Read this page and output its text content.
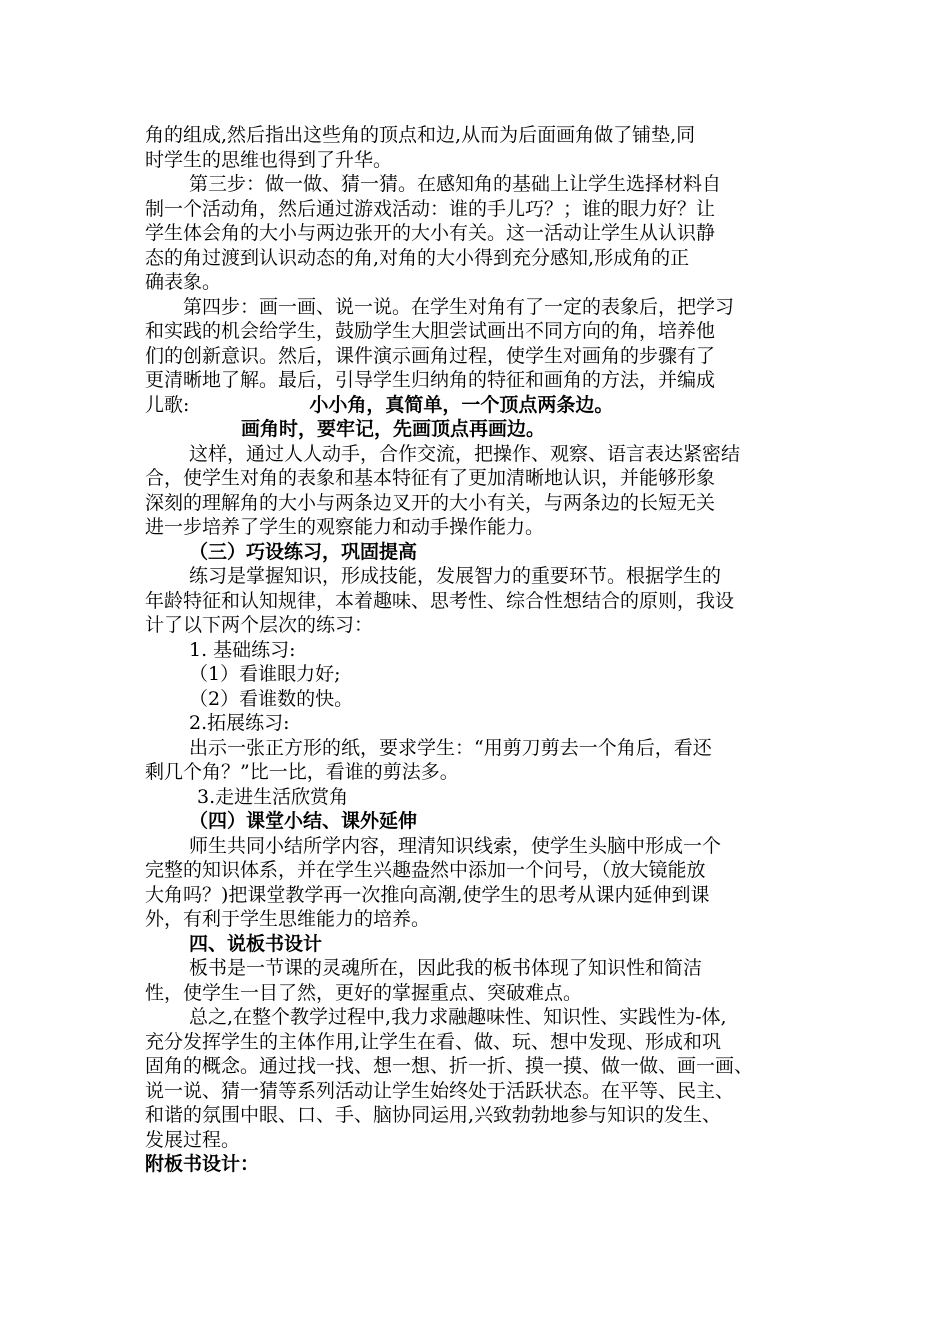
角的组成,然后指出这些角的顶点和边,从而为后面画角做了铺垫,同

时学生的思维也得到了升华。

第三步：做一做、猜一猜。在感知角的基础上让学生选择材料自

制一个活动角，然后通过游戏活动：谁的手儿巧？；谁的眼力好？让

学生体会角的大小与两边张开的大小有关。这一活动让学生从认识静

态的角过渡到认识动态的角,对角的大小得到充分感知,形成角的正

确表象。

第四步：画一画、说一说。在学生对角有了一定的表象后，把学习

和实践的机会给学生，鼓励学生大胆尝试画出不同方向的角，培养他

们的创新意识。然后，课件演示画角过程，使学生对画角的步骤有了

更清晰地了解。最后，引导学生归纳角的特征和画角的方法，并编成

儿歌:	小小角，真简单，一个顶点两条边。

画角时，要牢记，先画顶点再画边。

这样，通过人人动手，合作交流，把操作、观察、语言表达紧密结

合，使学生对角的表象和基本特征有了更加清晰地认识，并能够形象

深刻的理解角的大小与两条边叉开的大小有关，与两条边的长短无关

进一步培养了学生的观察能力和动手操作能力。

（三）巧设练习，巩固提高

练习是掌握知识，形成技能，发展智力的重要环节。根据学生的

年龄特征和认知规律，本着趣味、思考性、综合性想结合的原则，我设

计了以下两个层次的练习：

1. 基础练习:

（1）看谁眼力好;

（2）看谁数的快。

2.拓展练习:

出示一张正方形的纸，要求学生：“用剪刀剪去一个角后，看还

剩几个角？”比一比，看谁的剪法多。

3.走进生活欣赏角

（四）课堂小结、课外延伸

师生共同小结所学内容，理清知识线索，使学生头脑中形成一个

完整的知识体系，并在学生兴趣盎然中添加一个问号，（放大镜能放

大角吗？)把课堂教学再一次推向高潮,使学生的思考从课内延伸到课

外，有利于学生思维能力的培养。

四、说板书设计

板书是一节课的灵魂所在，因此我的板书体现了知识性和简洁

性，使学生一目了然，更好的掌握重点、突破难点。

总之,在整个教学过程中,我力求融趣味性、知识性、实践性为-体,

充分发挥学生的主体作用,让学生在看、做、玩、想中发现、形成和巩

固角的概念。通过找一找、想一想、折一折、摸一摸、做一做、画一画、

说一说、猜一猜等系列活动让学生始终处于活跃状态。在平等、民主、

和谐的氛围中眼、口、手、脑协同运用,兴致勃勃地参与知识的发生、

发展过程。

附板书设计：
